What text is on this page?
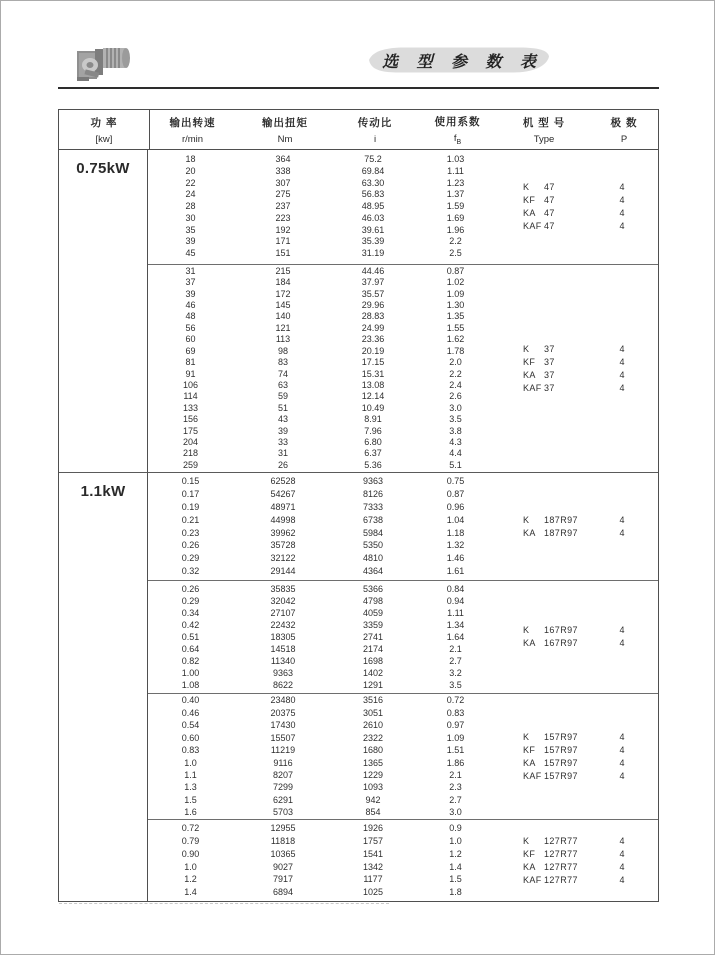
选 型 参 数 表
功 率
[kw]
输出转速
r/min
输出扭矩
Nm
传动比
i
使用系数
$f_B$
机 型 号
Type
极 数
P
0.75kW
18
20
22
24
28
30
35
39
45
364
338
307
275
237
223
192
171
151
75.2
69.84
63.30
56.83
48.95
46.03
39.61
35.39
31.19
1.03
1.11
1.23
1.37
1.59
1.69
1.96
2.2
2.5
K 47
KF 47
KA 47
KAF 47
4
4
4
4
31
37
39
46
48
56
60
69
81
91
106
114
133
156
175
204
218
259
215
184
172
145
140
121
113
98
83
74
63
59
51
43
39
33
31
26
44.46
37.97
35.57
29.96
28.83
24.99
23.36
20.19
17.15
15.31
13.08
12.14
10.49
8.91
7.96
6.80
6.37
5.36
0.87
1.02
1.09
1.30
1.35
1.55
1.62
1.78
2.0
2.2
2.4
2.6
3.0
3.5
3.8
4.3
4.4
5.1
K 37
KF 37
KA 37
KAF 37
4
4
4
4
1.1kW
0.15
0.17
0.19
0.21
0.23
0.26
0.29
0.32
62528
54267
48971
44998
39962
35728
32122
29144
9363
8126
7333
6738
5984
5350
4810
4364
0.75
0.87
0.96
1.04
1.18
1.32
1.46
1.61
K 187R97
KA 187R97
4
4
0.26
0.29
0.34
0.42
0.51
0.64
0.82
1.00
1.08
35835
32042
27107
22432
18305
14518
11340
9363
8622
5366
4798
4059
3359
2741
2174
1698
1402
1291
0.84
0.94
1.11
1.34
1.64
2.1
2.7
3.2
3.5
K 167R97
KA 167R97
4
4
0.40
0.46
0.54
0.60
0.83
1.0
1.1
1.3
1.5
1.6
23480
20375
17430
15507
11219
9116
8207
7299
6291
5703
3516
3051
2610
2322
1680
1365
1229
1093
942
854
0.72
0.83
0.97
1.09
1.51
1.86
2.1
2.3
2.7
3.0
K 157R97
KF 157R97
KA 157R97
KAF 157R97
4
4
4
4
0.72
0.79
0.90
1.0
1.2
1.4
12955
11818
10365
9027
7917
6894
1926
1757
1541
1342
1177
1025
0.9
1.0
1.2
1.4
1.5
1.8
K 127R77
KF 127R77
KA 127R77
KAF 127R77
4
4
4
4
